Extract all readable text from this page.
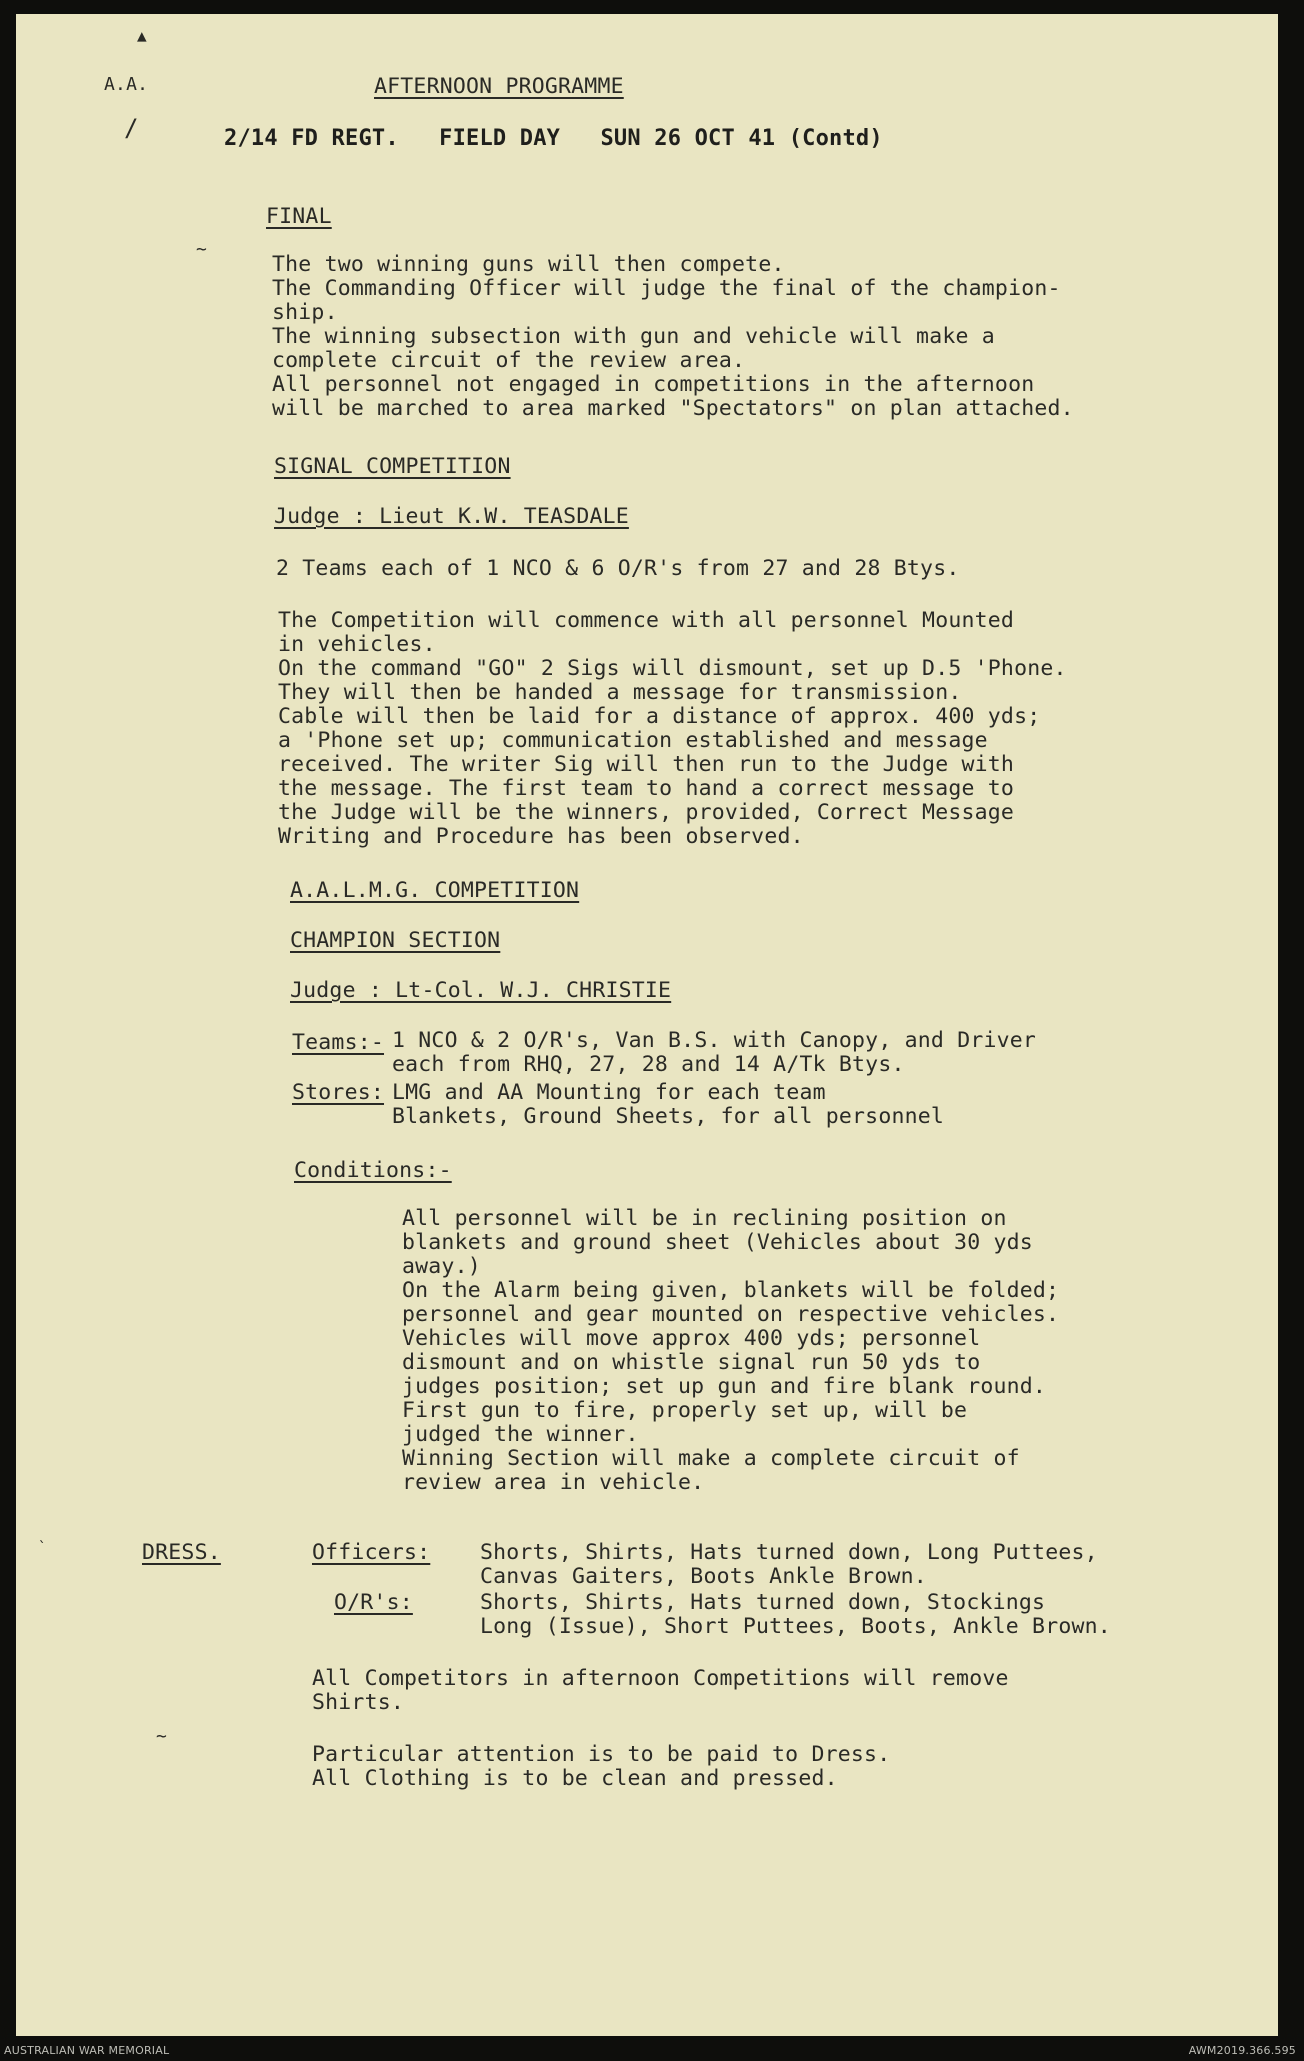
▲
A.A.
/
AFTERNOON PROGRAMME
2/14 FD REGT.   FIELD DAY   SUN 26 OCT 41 (Contd)
FINAL
~
The two winning guns will then compete.
The Commanding Officer will judge the final of the champion-
ship.
The winning subsection with gun and vehicle will make a
complete circuit of the review area.
All personnel not engaged in competitions in the afternoon
will be marched to area marked "Spectators" on plan attached.
SIGNAL COMPETITION
Judge : Lieut K.W. TEASDALE
2 Teams each of 1 NCO & 6 O/R's from 27 and 28 Btys.
The Competition will commence with all personnel Mounted
in vehicles.
On the command "GO" 2 Sigs will dismount, set up D.5 'Phone.
They will then be handed a message for transmission.
Cable will then be laid for a distance of approx. 400 yds;
a 'Phone set up; communication established and message
received. The writer Sig will then run to the Judge with
the message. The first team to hand a correct message to
the Judge will be the winners, provided, Correct Message
Writing and Procedure has been observed.
A.A.L.M.G. COMPETITION
CHAMPION SECTION
Judge : Lt-Col. W.J. CHRISTIE
Teams:- 1 NCO & 2 O/R's, Van B.S. with Canopy, and Driver
each from RHQ, 27, 28 and 14 A/Tk Btys.
Stores: LMG and AA Mounting for each team
Blankets, Ground Sheets, for all personnel
Conditions:-
All personnel will be in reclining position on
blankets and ground sheet (Vehicles about 30 yds
away.)
On the Alarm being given, blankets will be folded;
personnel and gear mounted on respective vehicles.
Vehicles will move approx 400 yds; personnel
dismount and on whistle signal run 50 yds to
judges position; set up gun and fire blank round.
First gun to fire, properly set up, will be
judged the winner.
Winning Section will make a complete circuit of
review area in vehicle.
`	DRESS.	Officers: Shorts, Shirts, Hats turned down, Long Puttees,
Canvas Gaiters, Boots Ankle Brown.
O/R's:	Shorts, Shirts, Hats turned down, Stockings
Long (Issue), Short Puttees, Boots, Ankle Brown.
All Competitors in afternoon Competitions will remove
Shirts.
~
Particular attention is to be paid to Dress.
All Clothing is to be clean and pressed.
AUSTRALIAN WAR MEMORIAL	AWM2019.366.595
